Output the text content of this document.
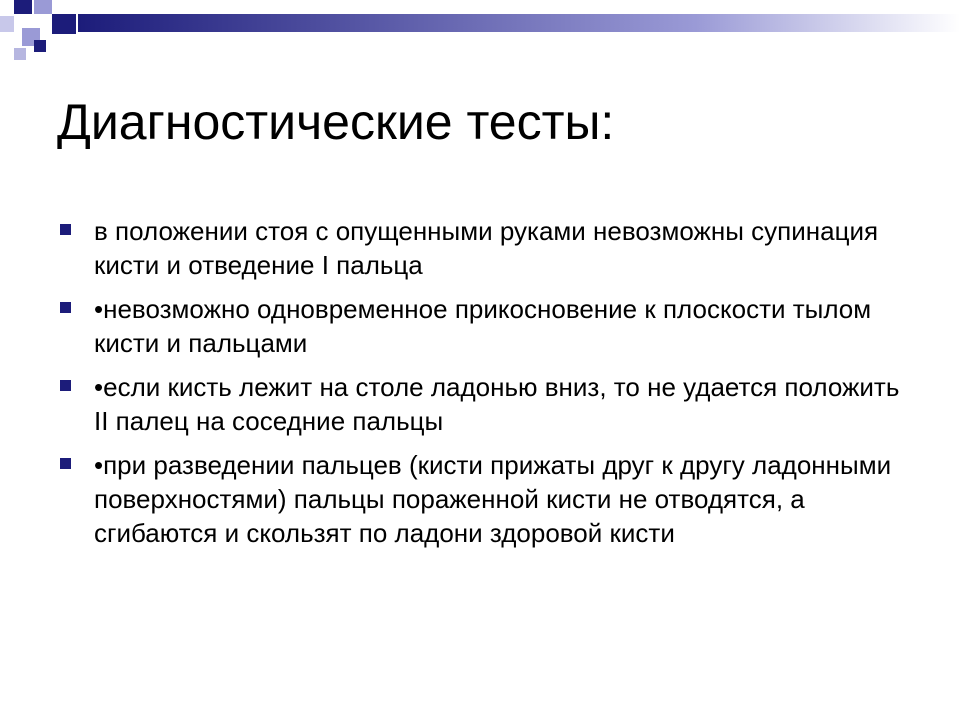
Диагностические тесты:
в положении стоя с опущенными руками невозможны супинация кисти и отведение I пальца
•невозможно одновременное прикосновение к плоскости тылом кисти и пальцами
•если кисть лежит на столе ладонью вниз, то не удается положить II палец на соседние пальцы
•при разведении пальцев (кисти прижаты друг к другу ладонными поверхностями) пальцы пораженной кисти не отводятся, а сгибаются и скользят по ладони здоровой кисти
